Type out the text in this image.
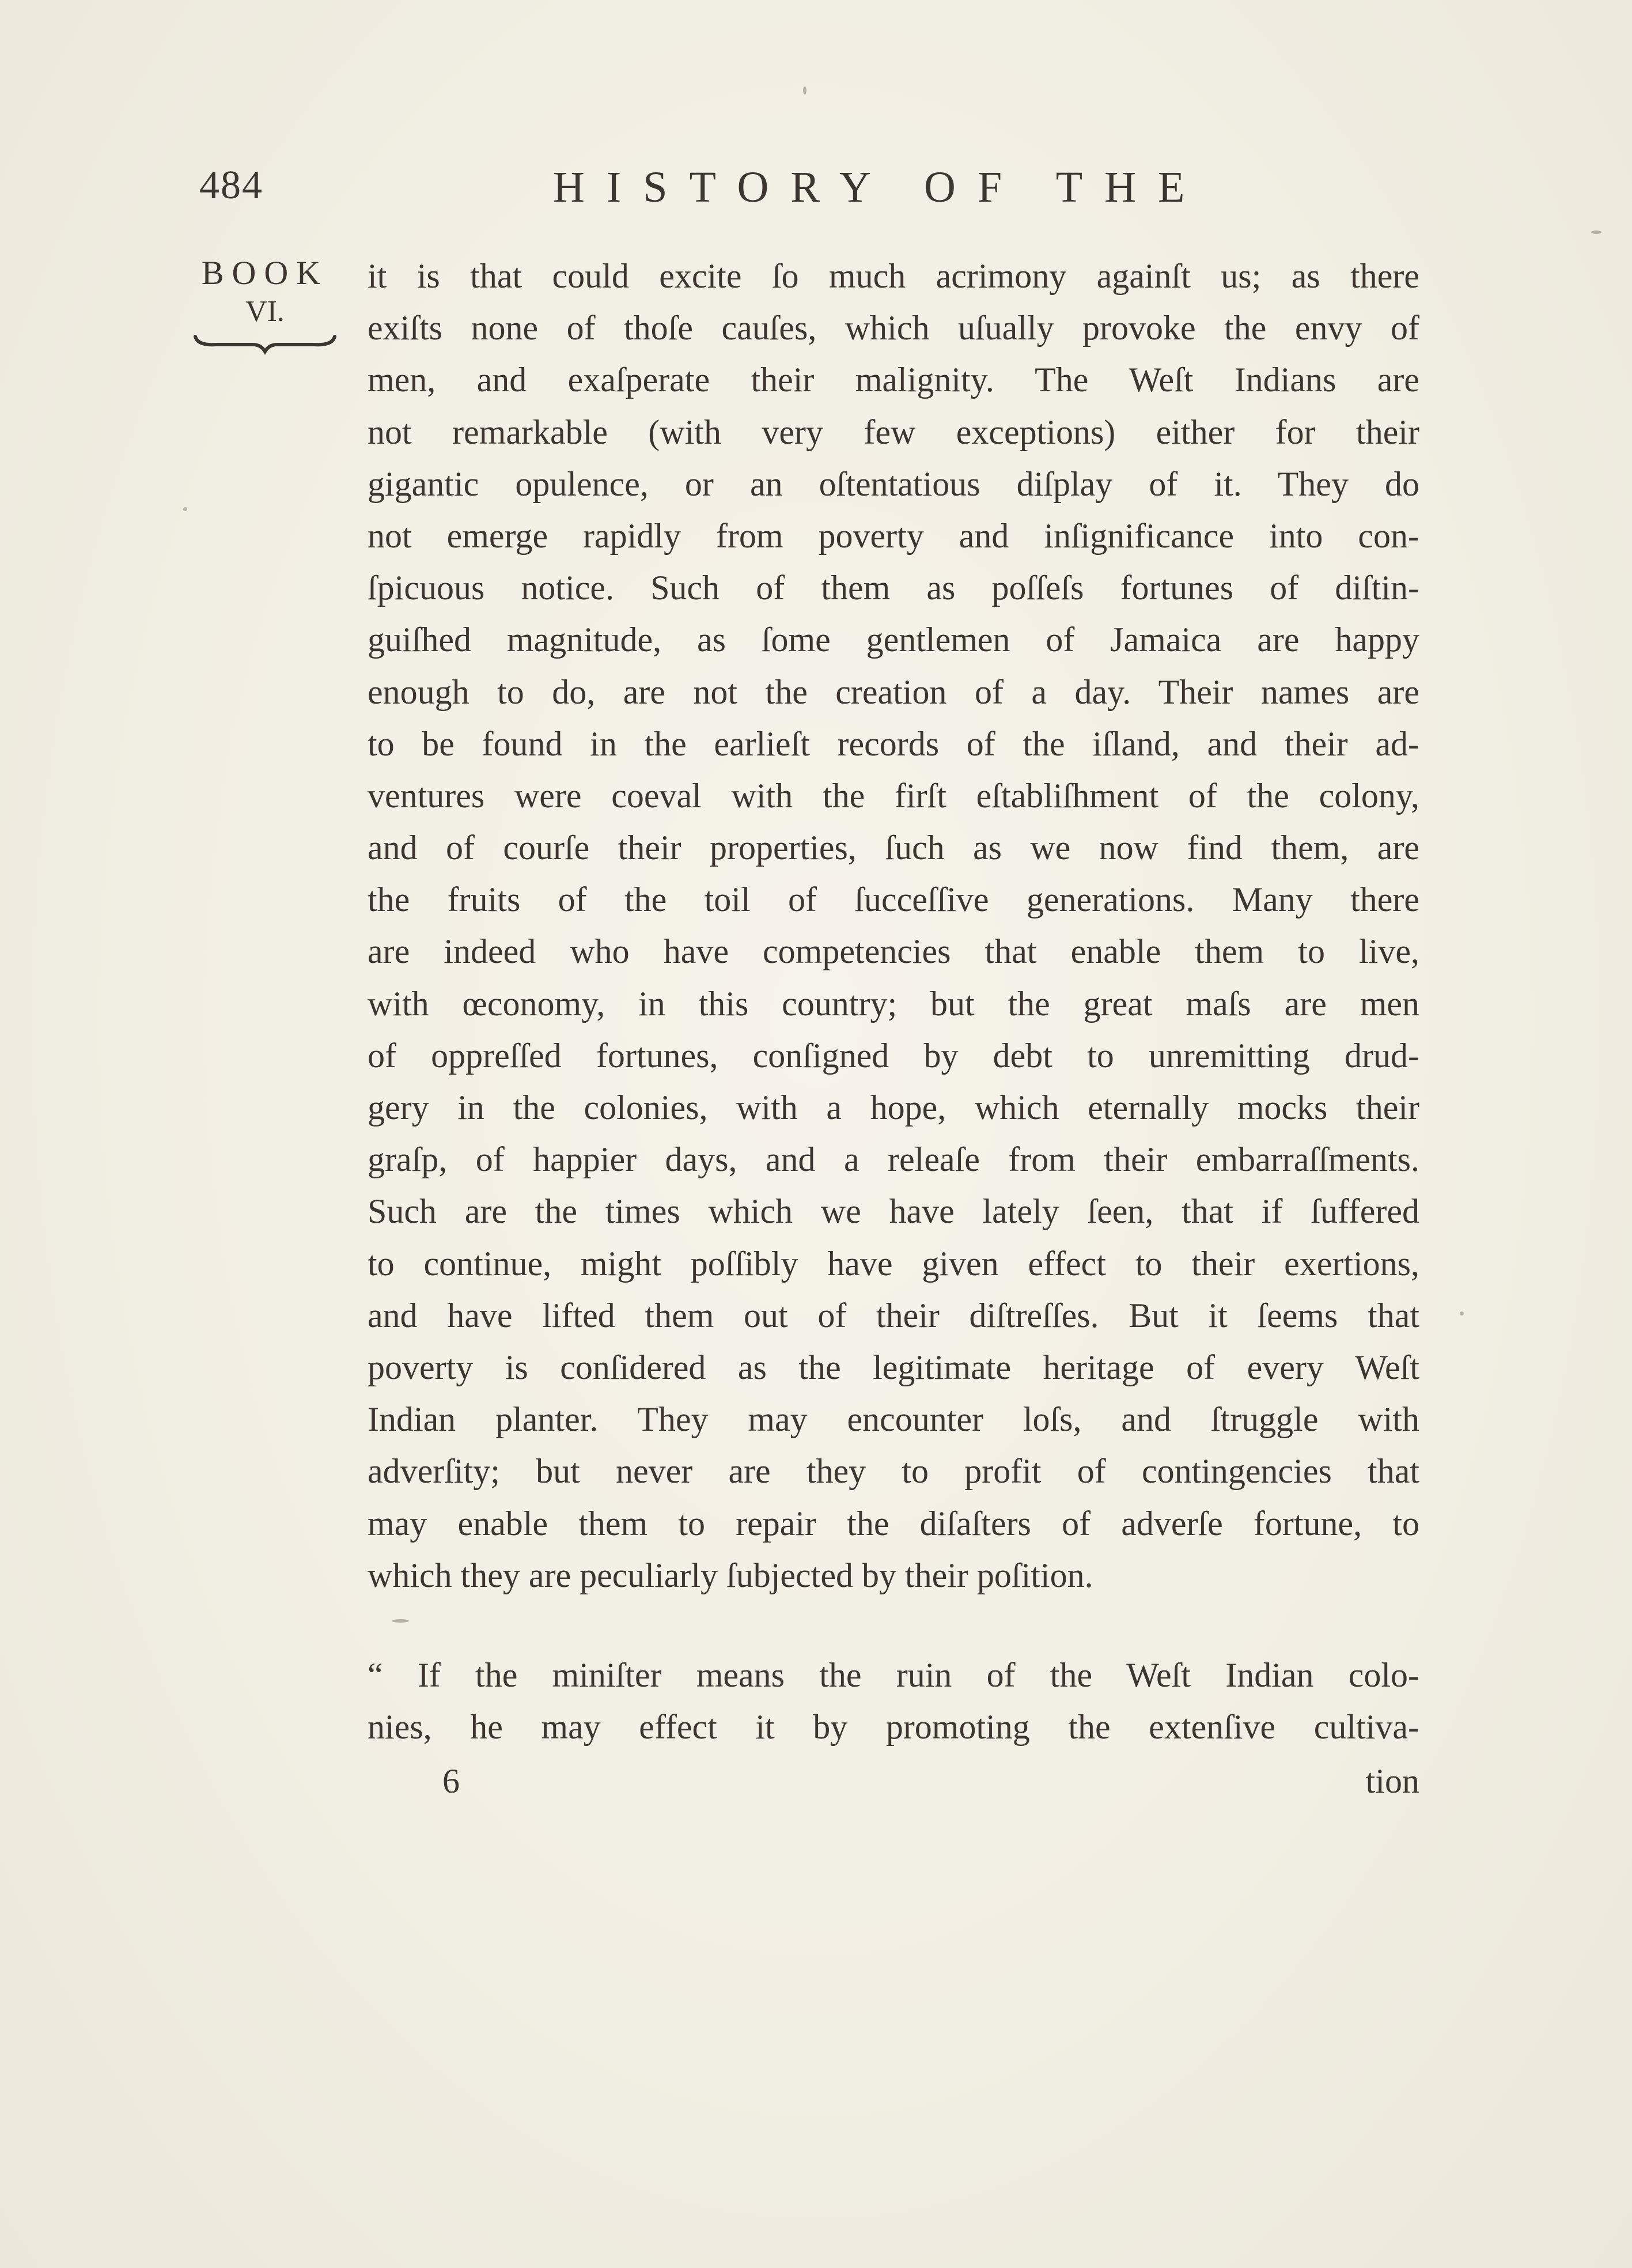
484	HISTORY OF THE
BOOK
VI.
it is that could excite ſo much acrimony againſt us; as there
exiſts none of thoſe cauſes, which uſually provoke the envy of
men, and exaſperate their malignity. The Weſt Indians are
not remarkable (with very few exceptions) either for their
gigantic opulence, or an oſtentatious diſplay of it. They do
not emerge rapidly from poverty and inſignificance into con-
ſpicuous notice. Such of them as poſſeſs fortunes of diſtin-
guiſhed magnitude, as ſome gentlemen of Jamaica are happy
enough to do, are not the creation of a day. Their names are
to be found in the earlieſt records of the iſland, and their ad-
ventures were coeval with the firſt eſtabliſhment of the colony,
and of courſe their properties, ſuch as we now find them, are
the fruits of the toil of ſucceſſive generations. Many there
are indeed who have competencies that enable them to live,
with œconomy, in this country; but the great maſs are men
of oppreſſed fortunes, conſigned by debt to unremitting drud-
gery in the colonies, with a hope, which eternally mocks their
graſp, of happier days, and a releaſe from their embarraſſments.
Such are the times which we have lately ſeen, that if ſuffered
to continue, might poſſibly have given effect to their exertions,
and have lifted them out of their diſtreſſes. But it ſeems that
poverty is conſidered as the legitimate heritage of every Weſt
Indian planter. They may encounter loſs, and ſtruggle with
adverſity; but never are they to profit of contingencies that
may enable them to repair the diſaſters of adverſe fortune, to
which they are peculiarly ſubjected by their poſition.
“ If the miniſter means the ruin of the Weſt Indian colo-
nies, he may effect it by promoting the extenſive cultiva-
6	tion
